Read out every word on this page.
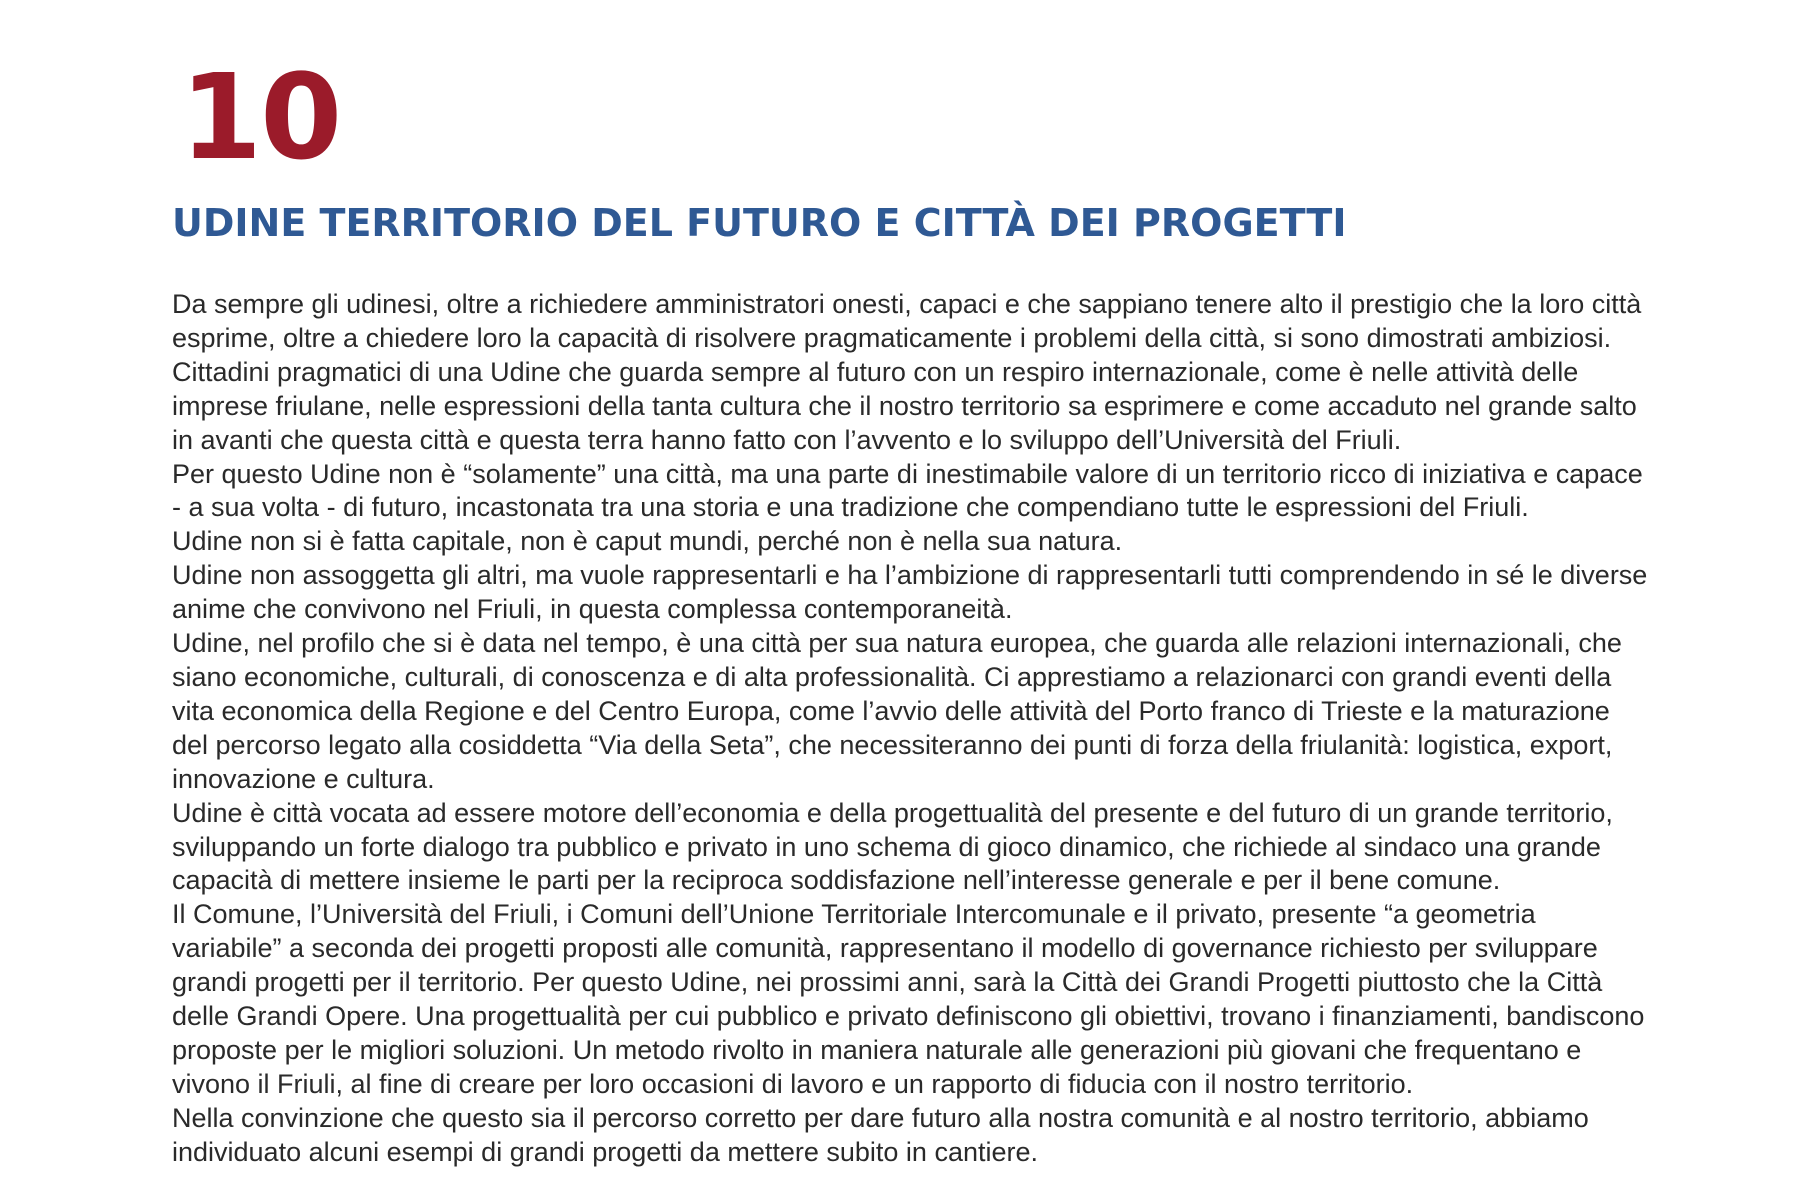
10
UDINE TERRITORIO DEL FUTURO E CITTÀ DEI PROGETTI

Da sempre gli udinesi, oltre a richiedere amministratori onesti, capaci e che sappiano tenere alto il prestigio che la loro città esprime, oltre a chiedere loro la capacità di risolvere pragmaticamente i problemi della città, si sono dimostrati ambiziosi.

Cittadini pragmatici di una Udine che guarda sempre al futuro con un respiro internazionale, come è nelle attività delle imprese friulane, nelle espressioni della tanta cultura che il nostro territorio sa esprimere e come accaduto nel grande salto in avanti che questa città e questa terra hanno fatto con l’avvento e lo sviluppo dell’Università del Friuli.

Per questo Udine non è “solamente” una città, ma una parte di inestimabile valore di un territorio ricco di iniziativa e capace - a sua volta - di futuro, incastonata tra una storia e una tradizione che compendiano tutte le espressioni del Friuli.

Udine non si è fatta capitale, non è caput mundi, perché non è nella sua natura.

Udine non assoggetta gli altri, ma vuole rappresentarli e ha l’ambizione di rappresentarli tutti comprendendo in sé le diverse anime che convivono nel Friuli, in questa complessa contemporaneità.

Udine, nel profilo che si è data nel tempo, è una città per sua natura europea, che guarda alle relazioni internazionali, che siano economiche, culturali, di conoscenza e di alta professionalità. Ci apprestiamo a relazionarci con grandi eventi della vita economica della Regione e del Centro Europa, come l’avvio delle attività del Porto franco di Trieste e la maturazione del percorso legato alla cosiddetta “Via della Seta”, che necessiteranno dei punti di forza della friulanità: logistica, export, innovazione e cultura.

Udine è città vocata ad essere motore dell’economia e della progettualità del presente e del futuro di un grande territorio, sviluppando un forte dialogo tra pubblico e privato in uno schema di gioco dinamico, che richiede al sindaco una grande capacità di mettere insieme le parti per la reciproca soddisfazione nell’interesse generale e per il bene comune.

Il Comune, l’Università del Friuli, i Comuni dell’Unione Territoriale Intercomunale e il privato, presente “a geometria variabile” a seconda dei progetti proposti alle comunità, rappresentano il modello di governance richiesto per sviluppare grandi progetti per il territorio. Per questo Udine, nei prossimi anni, sarà la Città dei Grandi Progetti piuttosto che la Città delle Grandi Opere. Una progettualità per cui pubblico e privato definiscono gli obiettivi, trovano i finanziamenti, bandiscono proposte per le migliori soluzioni. Un metodo rivolto in maniera naturale alle generazioni più giovani che frequentano e vivono il Friuli, al fine di creare per loro occasioni di lavoro e un rapporto di fiducia con il nostro territorio.

Nella convinzione che questo sia il percorso corretto per dare futuro alla nostra comunità e al nostro territorio, abbiamo individuato alcuni esempi di grandi progetti da mettere subito in cantiere.
